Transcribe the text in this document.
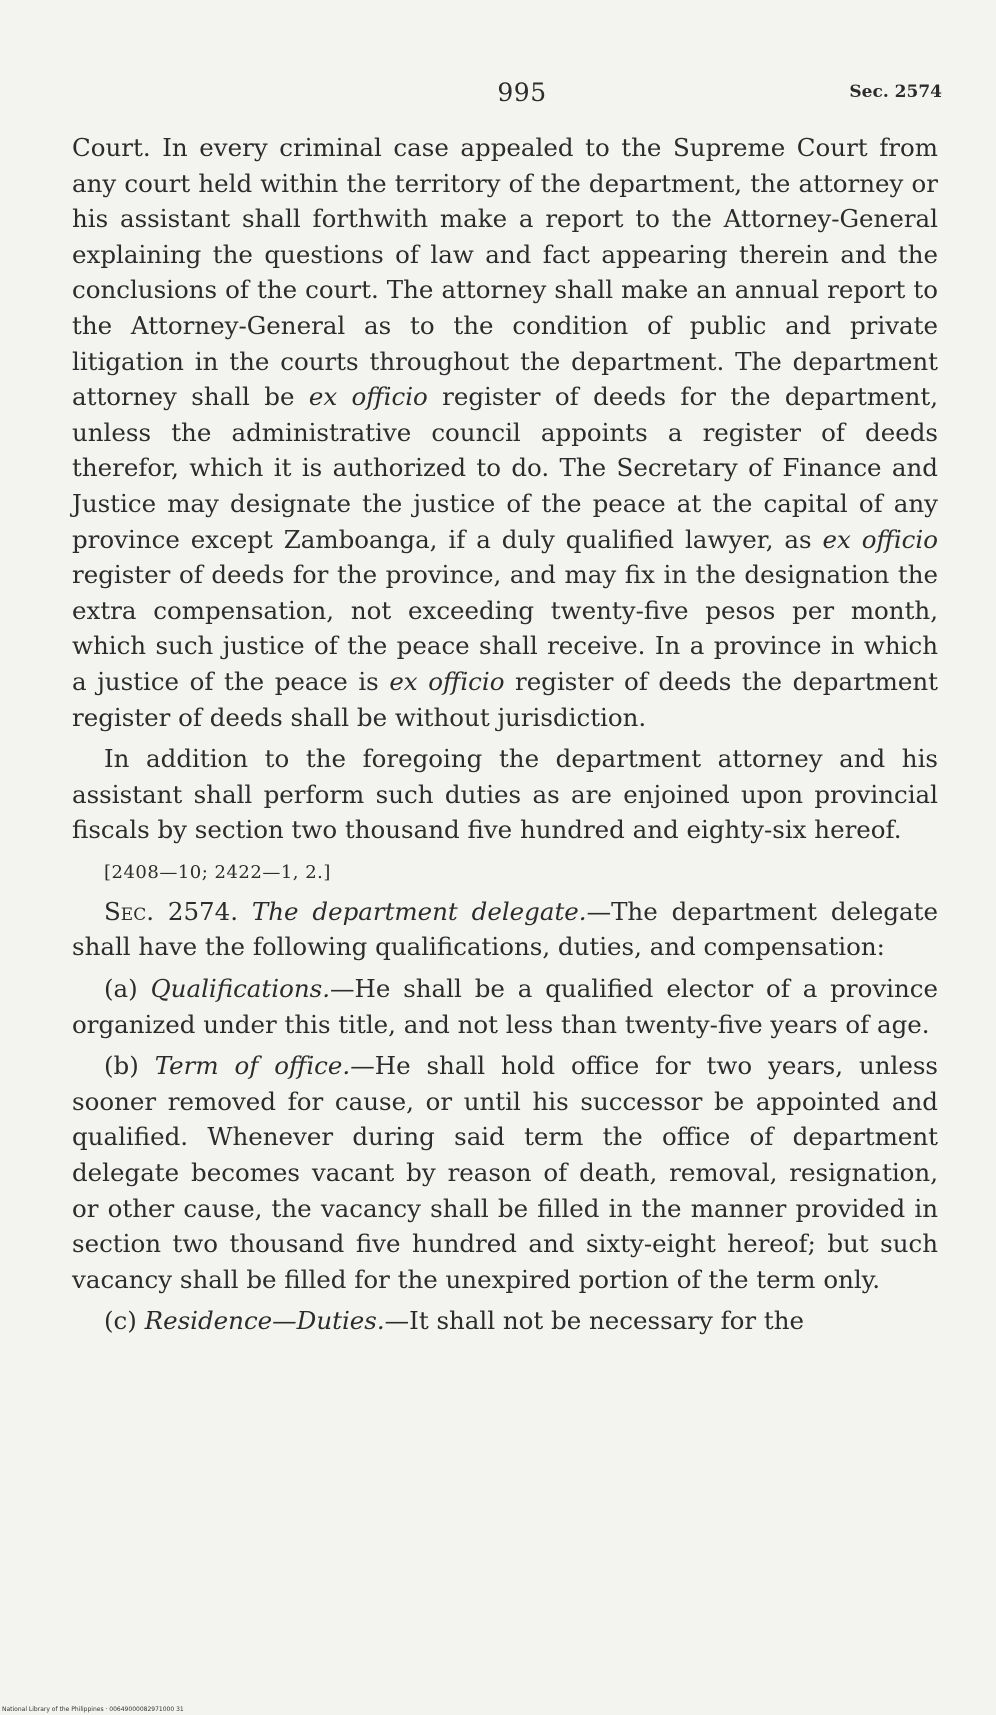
995	Sec. 2574

Court. In every criminal case appealed to the Supreme Court from any court held within the territory of the department, the attorney or his assistant shall forthwith make a report to the Attorney-General explaining the questions of law and fact appearing therein and the conclusions of the court. The attorney shall make an annual report to the Attorney-General as to the condition of public and private litigation in the courts throughout the department. The department attorney shall be ex officio register of deeds for the department, unless the administrative council appoints a register of deeds therefor, which it is authorized to do. The Secretary of Finance and Justice may designate the justice of the peace at the capital of any province except Zamboanga, if a duly qualified lawyer, as ex officio register of deeds for the province, and may fix in the designation the extra compensation, not exceeding twenty-five pesos per month, which such justice of the peace shall receive. In a province in which a justice of the peace is ex officio register of deeds the department register of deeds shall be without jurisdiction.

In addition to the foregoing the department attorney and his assistant shall perform such duties as are enjoined upon provincial fiscals by section two thousand five hundred and eighty-six hereof.

[2408—10; 2422—1, 2.]

Sec. 2574. The department delegate.—The department delegate shall have the following qualifications, duties, and compensation:

(a) Qualifications.—He shall be a qualified elector of a province organized under this title, and not less than twenty-five years of age.

(b) Term of office.—He shall hold office for two years, unless sooner removed for cause, or until his successor be appointed and qualified. Whenever during said term the office of department delegate becomes vacant by reason of death, removal, resignation, or other cause, the vacancy shall be filled in the manner provided in section two thousand five hundred and sixty-eight hereof; but such vacancy shall be filled for the unexpired portion of the term only.

(c) Residence—Duties.—It shall not be necessary for the

National Library of the Philippines · 00649000082971000 31
